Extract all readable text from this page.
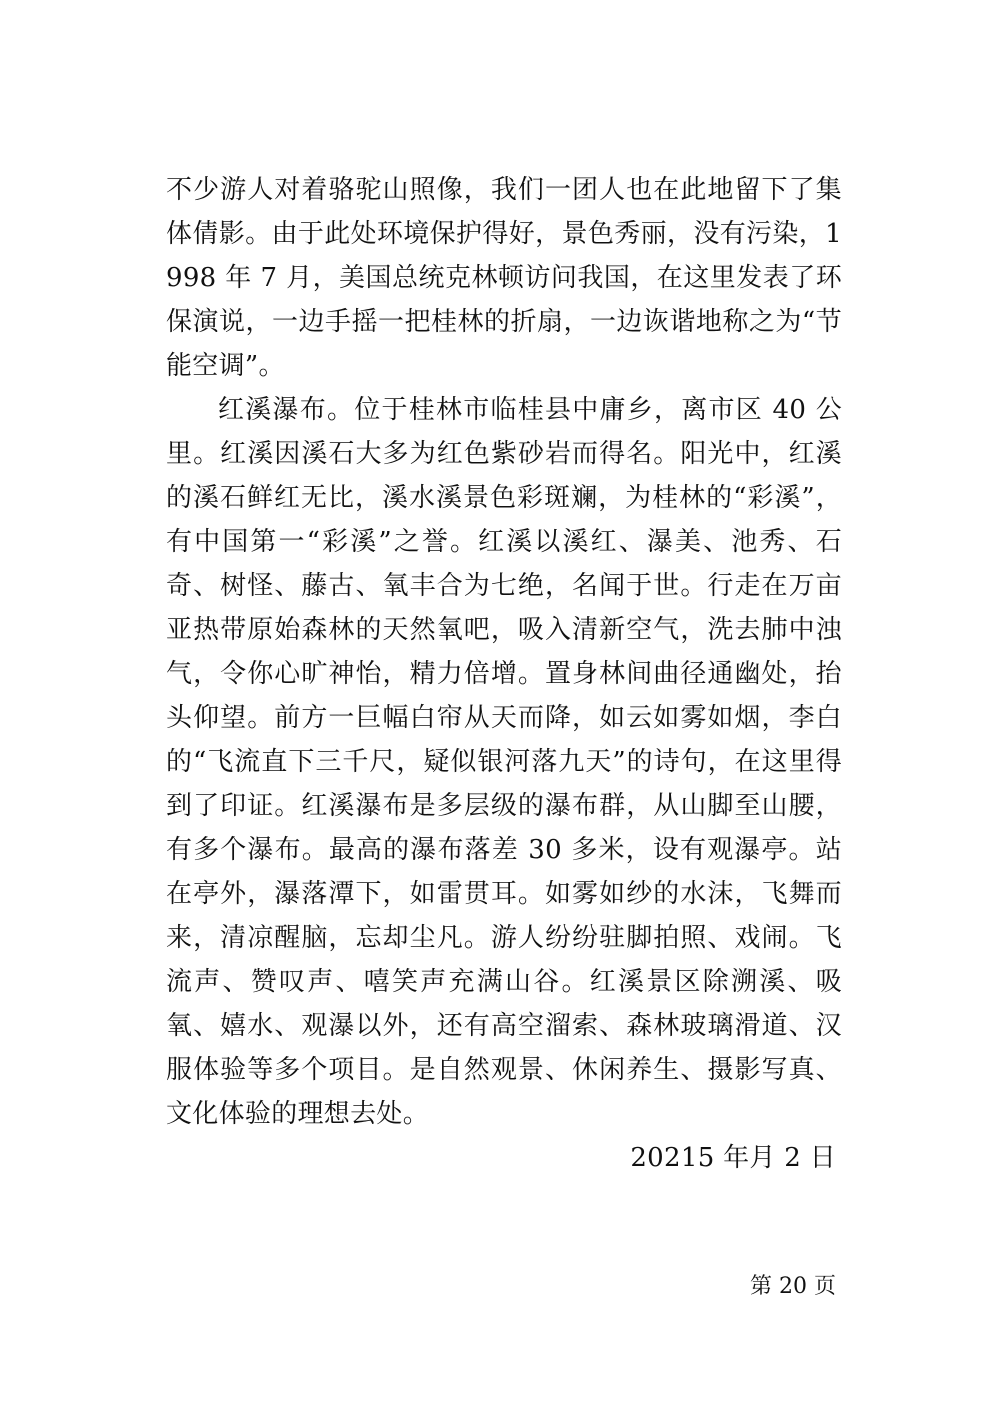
不少游人对着骆驼山照像，我们一团人也在此地留下了集体倩影。由于此处环境保护得好，景色秀丽，没有污染，1998 年 7 月，美国总统克林顿访问我国，在这里发表了环保演说，一边手摇一把桂林的折扇，一边诙谐地称之为“节能空调”。

红溪瀑布。位于桂林市临桂县中庸乡，离市区 40 公里。红溪因溪石大多为红色紫砂岩而得名。阳光中，红溪的溪石鲜红无比，溪水溪景色彩斑斓，为桂林的“彩溪”，有中国第一“彩溪”之誉。红溪以溪红、瀑美、池秀、石奇、树怪、藤古、氧丰合为七绝，名闻于世。行走在万亩亚热带原始森林的天然氧吧，吸入清新空气，洗去肺中浊气，令你心旷神怡，精力倍增。置身林间曲径通幽处，抬头仰望。前方一巨幅白帘从天而降，如云如雾如烟，李白的“飞流直下三千尺，疑似银河落九天”的诗句，在这里得到了印证。红溪瀑布是多层级的瀑布群，从山脚至山腰，有多个瀑布。最高的瀑布落差 30 多米，设有观瀑亭。站在亭外，瀑落潭下，如雷贯耳。如雾如纱的水沫，飞舞而来，清凉醒脑，忘却尘凡。游人纷纷驻脚拍照、戏闹。飞流声、赞叹声、嘻笑声充满山谷。红溪景区除溯溪、吸氧、嬉水、观瀑以外，还有高空溜索、森林玻璃滑道、汉服体验等多个项目。是自然观景、休闲养生、摄影写真、文化体验的理想去处。

20215 年月 2 日

第 20 页
